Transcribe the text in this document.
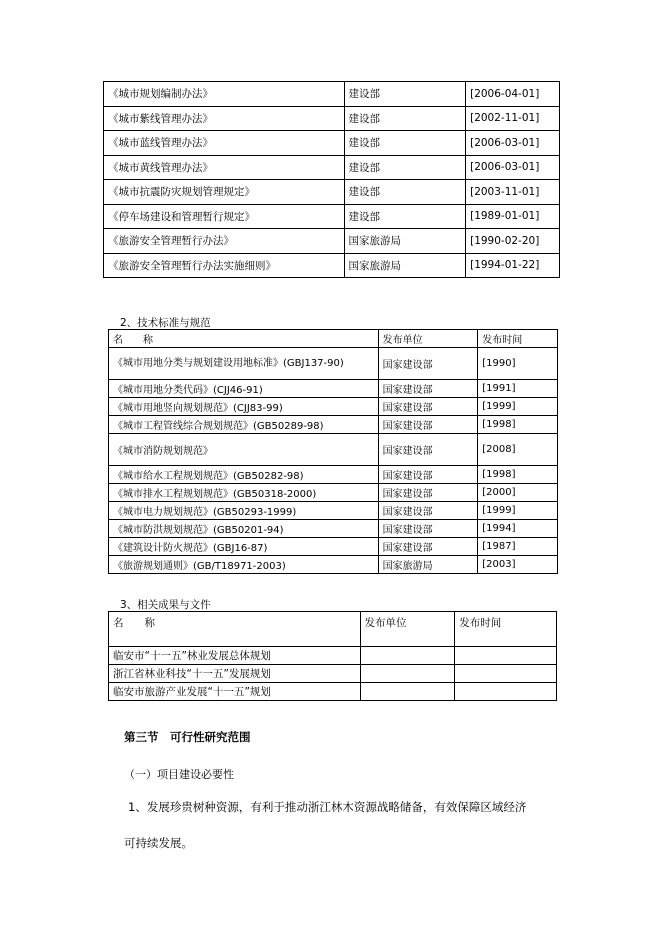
《城市规划编制办法》	建设部	[2006-04-01]
《城市紫线管理办法》	建设部	[2002-11-01]
《城市蓝线管理办法》	建设部	[2006-03-01]
《城市黄线管理办法》	建设部	[2006-03-01]
《城市抗震防灾规划管理规定》	建设部	[2003-11-01]
《停车场建设和管理暂行规定》	建设部	[1989-01-01]
《旅游安全管理暂行办法》	国家旅游局	[1990-02-20]
《旅游安全管理暂行办法实施细则》	国家旅游局	[1994-01-22]
2、技术标准与规范
名　　称	发布单位	发布时间
《城市用地分类与规划建设用地标准》(GBJ137-90)	国家建设部	[1990]
《城市用地分类代码》(CJJ46-91)	国家建设部	[1991]
《城市用地竖向规划规范》(CJJ83-99)	国家建设部	[1999]
《城市工程管线综合规划规范》(GB50289-98)	国家建设部	[1998]
《城市消防规划规范》	国家建设部	[2008]
《城市给水工程规划规范》(GB50282-98)	国家建设部	[1998]
《城市排水工程规划规范》(GB50318-2000)	国家建设部	[2000]
《城市电力规划规范》(GB50293-1999)	国家建设部	[1999]
《城市防洪规划规范》(GB50201-94)	国家建设部	[1994]
《建筑设计防火规范》(GBJ16-87)	国家建设部	[1987]
《旅游规划通则》(GB/T18971-2003)	国家旅游局	[2003]
3、相关成果与文件
名　　称	发布单位	发布时间
临安市“十一五”林业发展总体规划		
浙江省林业科技“十一五”发展规划		
临安市旅游产业发展“十一五”规划		
第三节　可行性研究范围
（一）项目建设必要性
1、发展珍贵树种资源，有利于推动浙江林木资源战略储备，有效保障区域经济
可持续发展。
